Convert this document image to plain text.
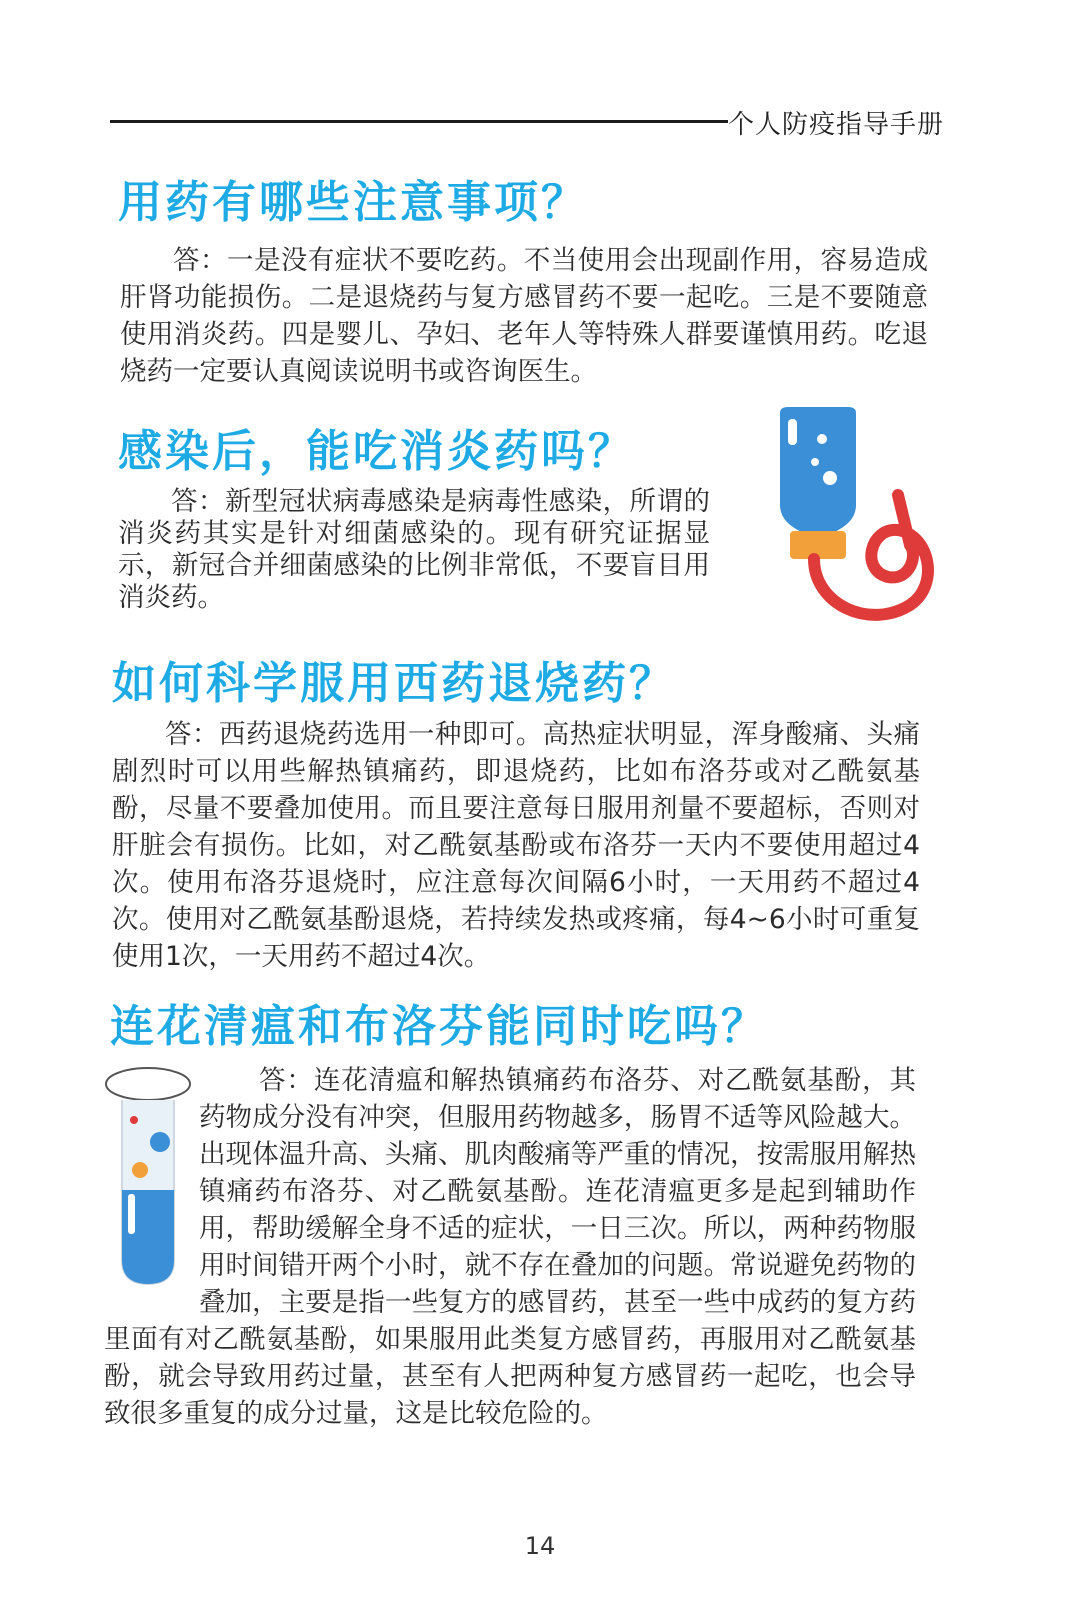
个人防疫指导手册
用药有哪些注意事项？

答：一是没有症状不要吃药。不当使用会出现副作用，容易造成肝肾功能损伤。二是退烧药与复方感冒药不要一起吃。三是不要随意使用消炎药。四是婴儿、孕妇、老年人等特殊人群要谨慎用药。吃退烧药一定要认真阅读说明书或咨询医生。

感染后，能吃消炎药吗？

答：新型冠状病毒感染是病毒性感染，所谓的消炎药其实是针对细菌感染的。现有研究证据显示，新冠合并细菌感染的比例非常低，不要盲目用消炎药。

如何科学服用西药退烧药？

答：西药退烧药选用一种即可。高热症状明显，浑身酸痛、头痛剧烈时可以用些解热镇痛药，即退烧药，比如布洛芬或对乙酰氨基酚，尽量不要叠加使用。而且要注意每日服用剂量不要超标，否则对肝脏会有损伤。比如，对乙酰氨基酚或布洛芬一天内不要使用超过4次。使用布洛芬退烧时，应注意每次间隔6小时，一天用药不超过4次。使用对乙酰氨基酚退烧，若持续发热或疼痛，每4~6小时可重复使用1次，一天用药不超过4次。

连花清瘟和布洛芬能同时吃吗？
答：连花清瘟和解热镇痛药布洛芬、对乙酰氨基酚，其药物成分没有冲突，但服用药物越多，肠胃不适等风险越大。出现体温升高、头痛、肌肉酸痛等严重的情况，按需服用解热镇痛药布洛芬、对乙酰氨基酚。连花清瘟更多是起到辅助作用，帮助缓解全身不适的症状，一日三次。所以，两种药物服用时间错开两个小时，就不存在叠加的问题。常说避免药物的叠加，主要是指一些复方的感冒药，甚至一些中成药的复方药里面有对乙酰氨基酚，如果服用此类复方感冒药，再服用对乙酰氨基酚，就会导致用药过量，甚至有人把两种复方感冒药一起吃，也会导致很多重复的成分过量，这是比较危险的。
14
